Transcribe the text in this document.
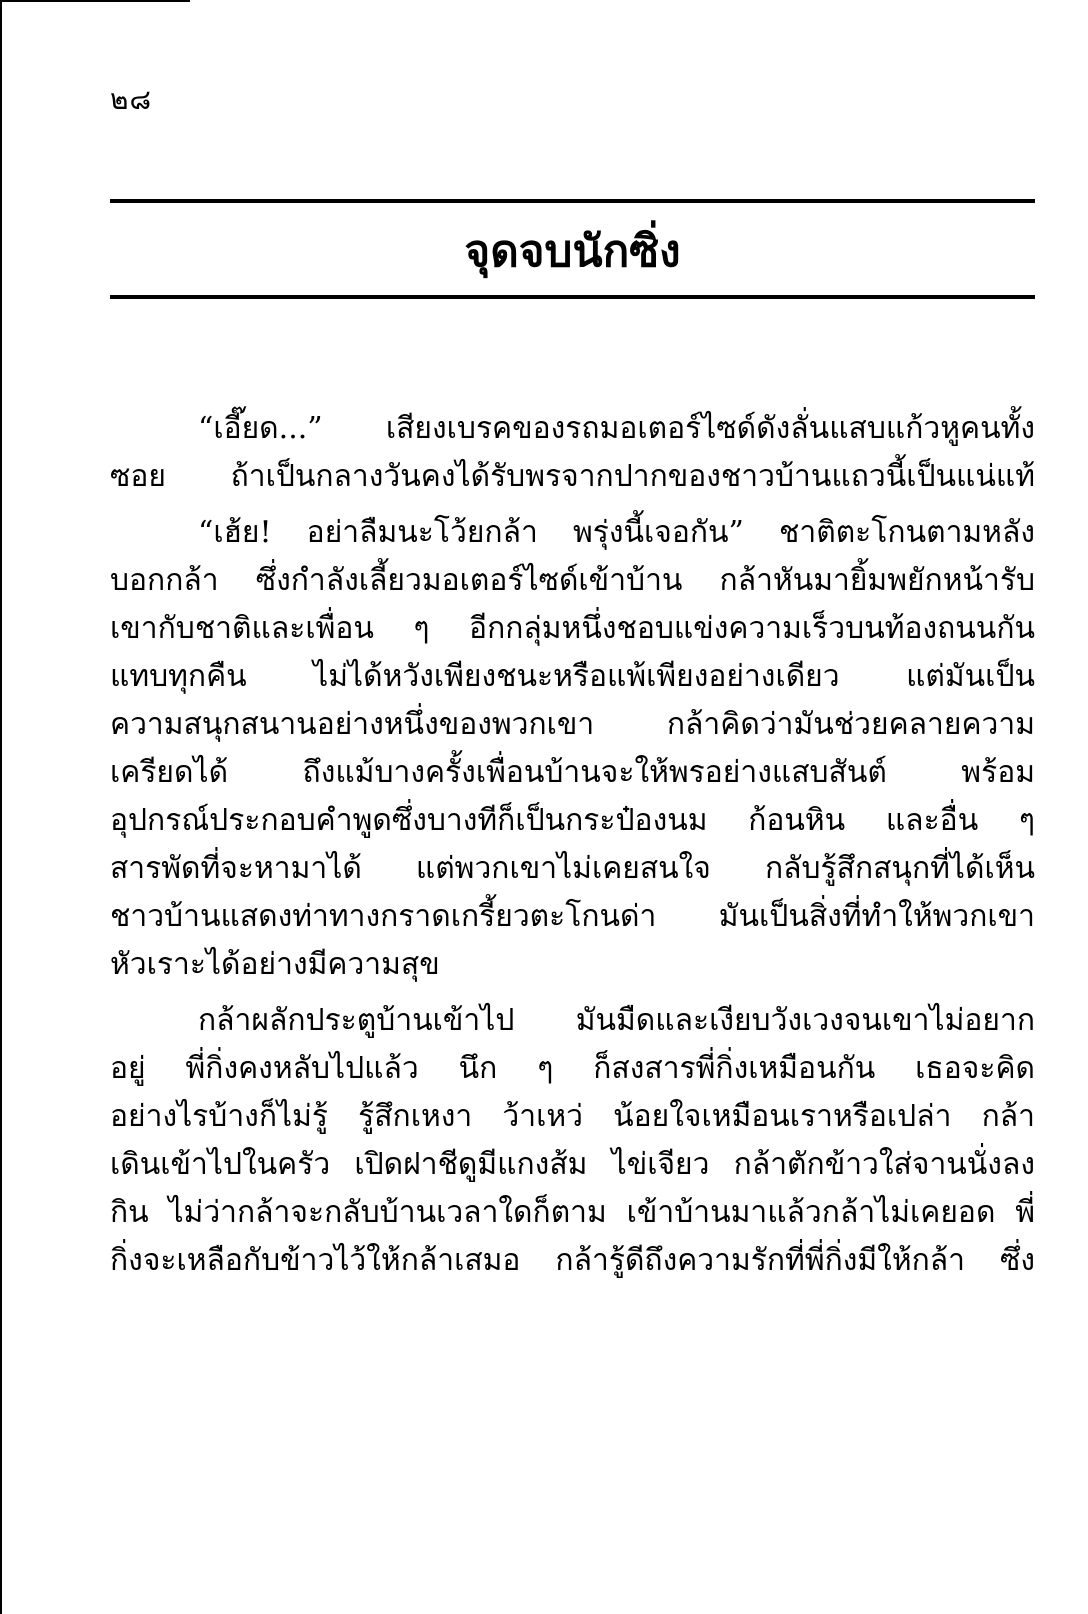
๒๘
จุดจบนักซิ่ง

“เอี๊ยด...” เสียงเบรคของรถมอเตอร์ไซด์ดังลั่นแสบแก้วหูคนทั้ง
ซอย ถ้าเป็นกลางวันคงได้รับพรจากปากของชาวบ้านแถวนี้เป็นแน่แท้

“เฮ้ย! อย่าลืมนะโว้ยกล้า พรุ่งนี้เจอกัน” ชาติตะโกนตามหลัง
บอกกล้า ซึ่งกำลังเลี้ยวมอเตอร์ไซด์เข้าบ้าน กล้าหันมายิ้มพยักหน้ารับ
เขากับชาติและเพื่อน ๆ อีกกลุ่มหนึ่งชอบแข่งความเร็วบนท้องถนนกัน
แทบทุกคืน ไม่ได้หวังเพียงชนะหรือแพ้เพียงอย่างเดียว แต่มันเป็น
ความสนุกสนานอย่างหนึ่งของพวกเขา กล้าคิดว่ามันช่วยคลายความ
เครียดได้ ถึงแม้บางครั้งเพื่อนบ้านจะให้พรอย่างแสบสันต์ พร้อม
อุปกรณ์ประกอบคำพูดซึ่งบางทีก็เป็นกระป๋องนม ก้อนหิน และอื่น ๆ
สารพัดที่จะหามาได้ แต่พวกเขาไม่เคยสนใจ กลับรู้สึกสนุกที่ได้เห็น
ชาวบ้านแสดงท่าทางกราดเกรี้ยวตะโกนด่า มันเป็นสิ่งที่ทำให้พวกเขา
หัวเราะได้อย่างมีความสุข

กล้าผลักประตูบ้านเข้าไป มันมืดและเงียบวังเวงจนเขาไม่อยาก
อยู่ พี่กิ่งคงหลับไปแล้ว นึก ๆ ก็สงสารพี่กิ่งเหมือนกัน เธอจะคิด
อย่างไรบ้างก็ไม่รู้ รู้สึกเหงา ว้าเหว่ น้อยใจเหมือนเราหรือเปล่า กล้า
เดินเข้าไปในครัว เปิดฝาชีดูมีแกงส้ม ไข่เจียว กล้าตักข้าวใส่จานนั่งลง
กิน ไม่ว่ากล้าจะกลับบ้านเวลาใดก็ตาม เข้าบ้านมาแล้วกล้าไม่เคยอด พี่
กิ่งจะเหลือกับข้าวไว้ให้กล้าเสมอ กล้ารู้ดีถึงความรักที่พี่กิ่งมีให้กล้า ซึ่ง
